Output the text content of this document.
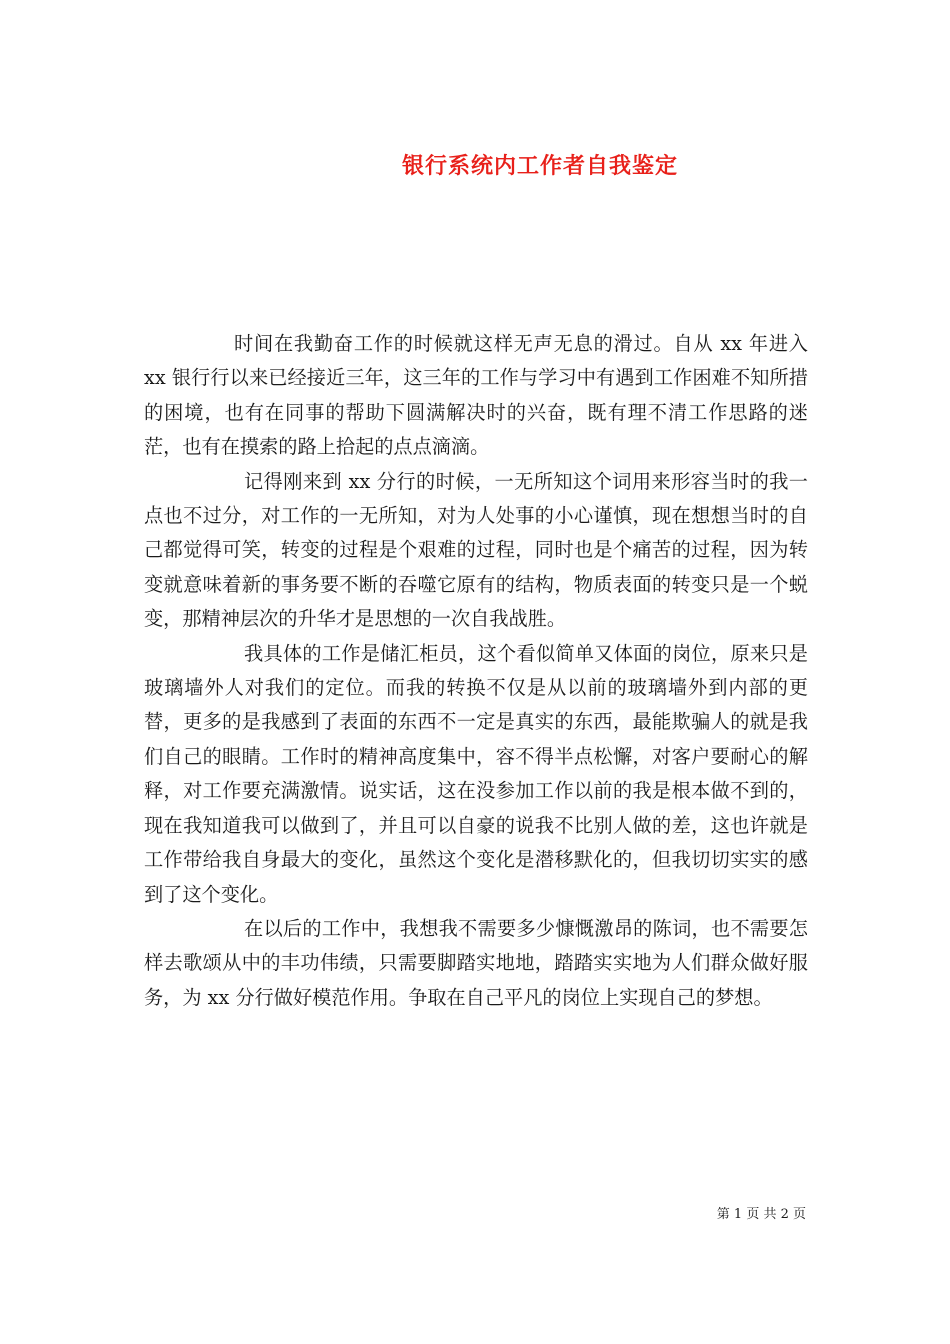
银行系统内工作者自我鉴定

时间在我勤奋工作的时候就这样无声无息的滑过。自从 xx 年进入 xx 银行行以来已经接近三年，这三年的工作与学习中有遇到工作困难不知所措的困境，也有在同事的帮助下圆满解决时的兴奋，既有理不清工作思路的迷茫，也有在摸索的路上拾起的点点滴滴。

记得刚来到 xx 分行的时候，一无所知这个词用来形容当时的我一点也不过分，对工作的一无所知，对为人处事的小心谨慎，现在想想当时的自己都觉得可笑，转变的过程是个艰难的过程，同时也是个痛苦的过程，因为转变就意味着新的事务要不断的吞噬它原有的结构，物质表面的转变只是一个蜕变，那精神层次的升华才是思想的一次自我战胜。

我具体的工作是储汇柜员，这个看似简单又体面的岗位，原来只是玻璃墙外人对我们的定位。而我的转换不仅是从以前的玻璃墙外到内部的更替，更多的是我感到了表面的东西不一定是真实的东西，最能欺骗人的就是我们自己的眼睛。工作时的精神高度集中，容不得半点松懈，对客户要耐心的解释，对工作要充满激情。说实话，这在没参加工作以前的我是根本做不到的，现在我知道我可以做到了，并且可以自豪的说我不比别人做的差，这也许就是工作带给我自身最大的变化，虽然这个变化是潜移默化的，但我切切实实的感到了这个变化。

在以后的工作中，我想我不需要多少慷慨激昂的陈词，也不需要怎样去歌颂从中的丰功伟绩，只需要脚踏实地地，踏踏实实地为人们群众做好服务，为 xx 分行做好模范作用。争取在自己平凡的岗位上实现自己的梦想。

第 1 页 共 2 页
